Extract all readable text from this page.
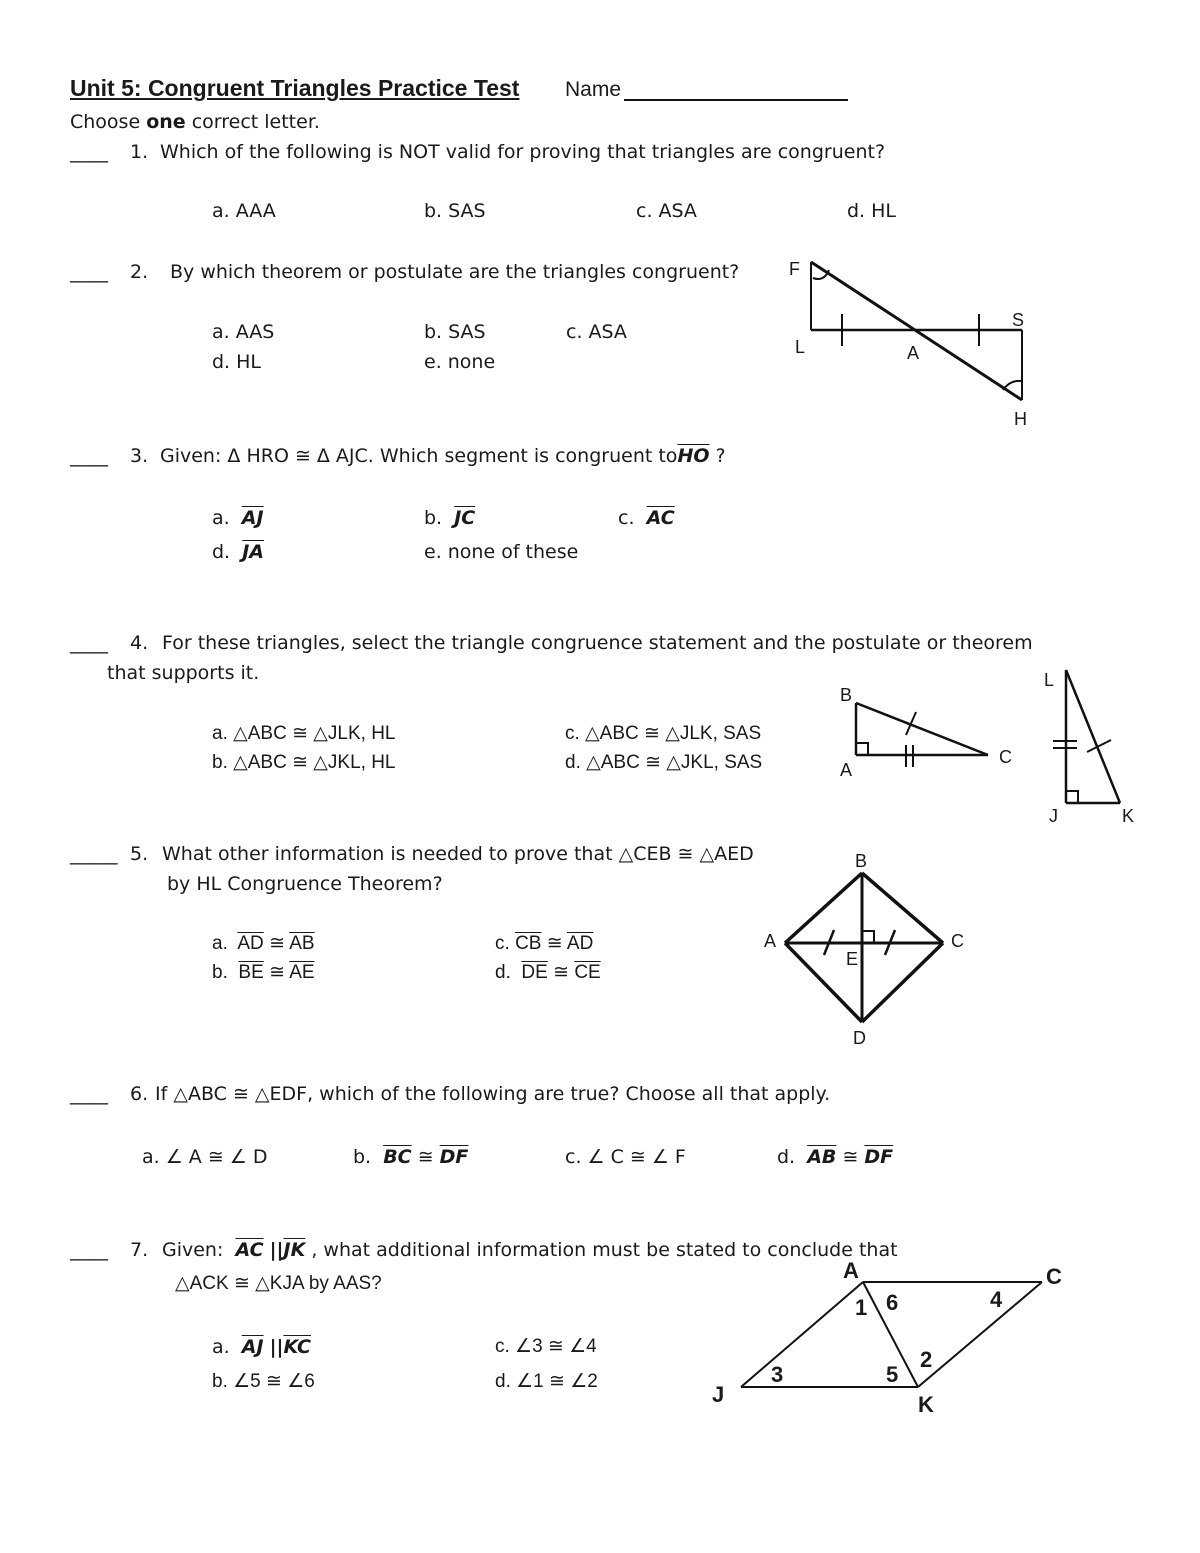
Unit 5: Congruent Triangles Practice Test Name
Choose one correct letter.
____ 1. Which of the following is NOT valid for proving that triangles are congruent?
a. AAA	b. SAS	c. ASA	d. HL
____ 2. By which theorem or postulate are the triangles congruent?
a. AAS	b. SAS	c. ASA
d. HL	e. none
F
L	A
S
H
____ 3. Given: Δ HRO ≅ Δ AJC. Which segment is congruent $to\overline{HO}$ ?
a. $\overline{AJ}$	b. $\overline{JC}$	c. $\overline{AC}$
d. $\overline{JA}$	e. none of these
____ 4. For these triangles, select the triangle congruence statement and the postulate or theorem
that supports it.
a. △ABC ≅ △JLK, HL
b. △ABC ≅ △JKL, HL
c. △ABC ≅ △JLK, SAS
d. △ABC ≅ △JKL, SAS
B
A
C
L
J	K
_____ 5. What other information is needed to prove that △CEB ≅ △AED
by HL Congruence Theorem?
a. $\overline{AD}$ ≅ $\overline{AB}$
b. $\overline{BE}$ ≅ $\overline{AE}$
c. $\overline{CB}$ ≅ $\overline{AD}$
d. $\overline{DE}$ ≅ $\overline{CE}$
B
A	C
E
D
____ 6. If △ABC ≅ △EDF, which of the following are true? Choose all that apply.
a. ∠ A ≅ ∠ D	b. $\overline{BC}$ ≅ $\overline{DF}$	c. ∠ C ≅ ∠ F	d. $\overline{AB}$ ≅ $\overline{DF}$
____ 7. Given: $\overline{AC}$ $||\overline{JK}$ , what additional information must be stated to conclude that
△ACK ≅ △KJA by AAS?
a. $\overline{AJ}$ $||\overline{KC}$
b. ∠5 ≅ ∠6
c. ∠3 ≅ ∠4
d. ∠1 ≅ ∠2
A	C
J	K
1 6	4
3	5
2
